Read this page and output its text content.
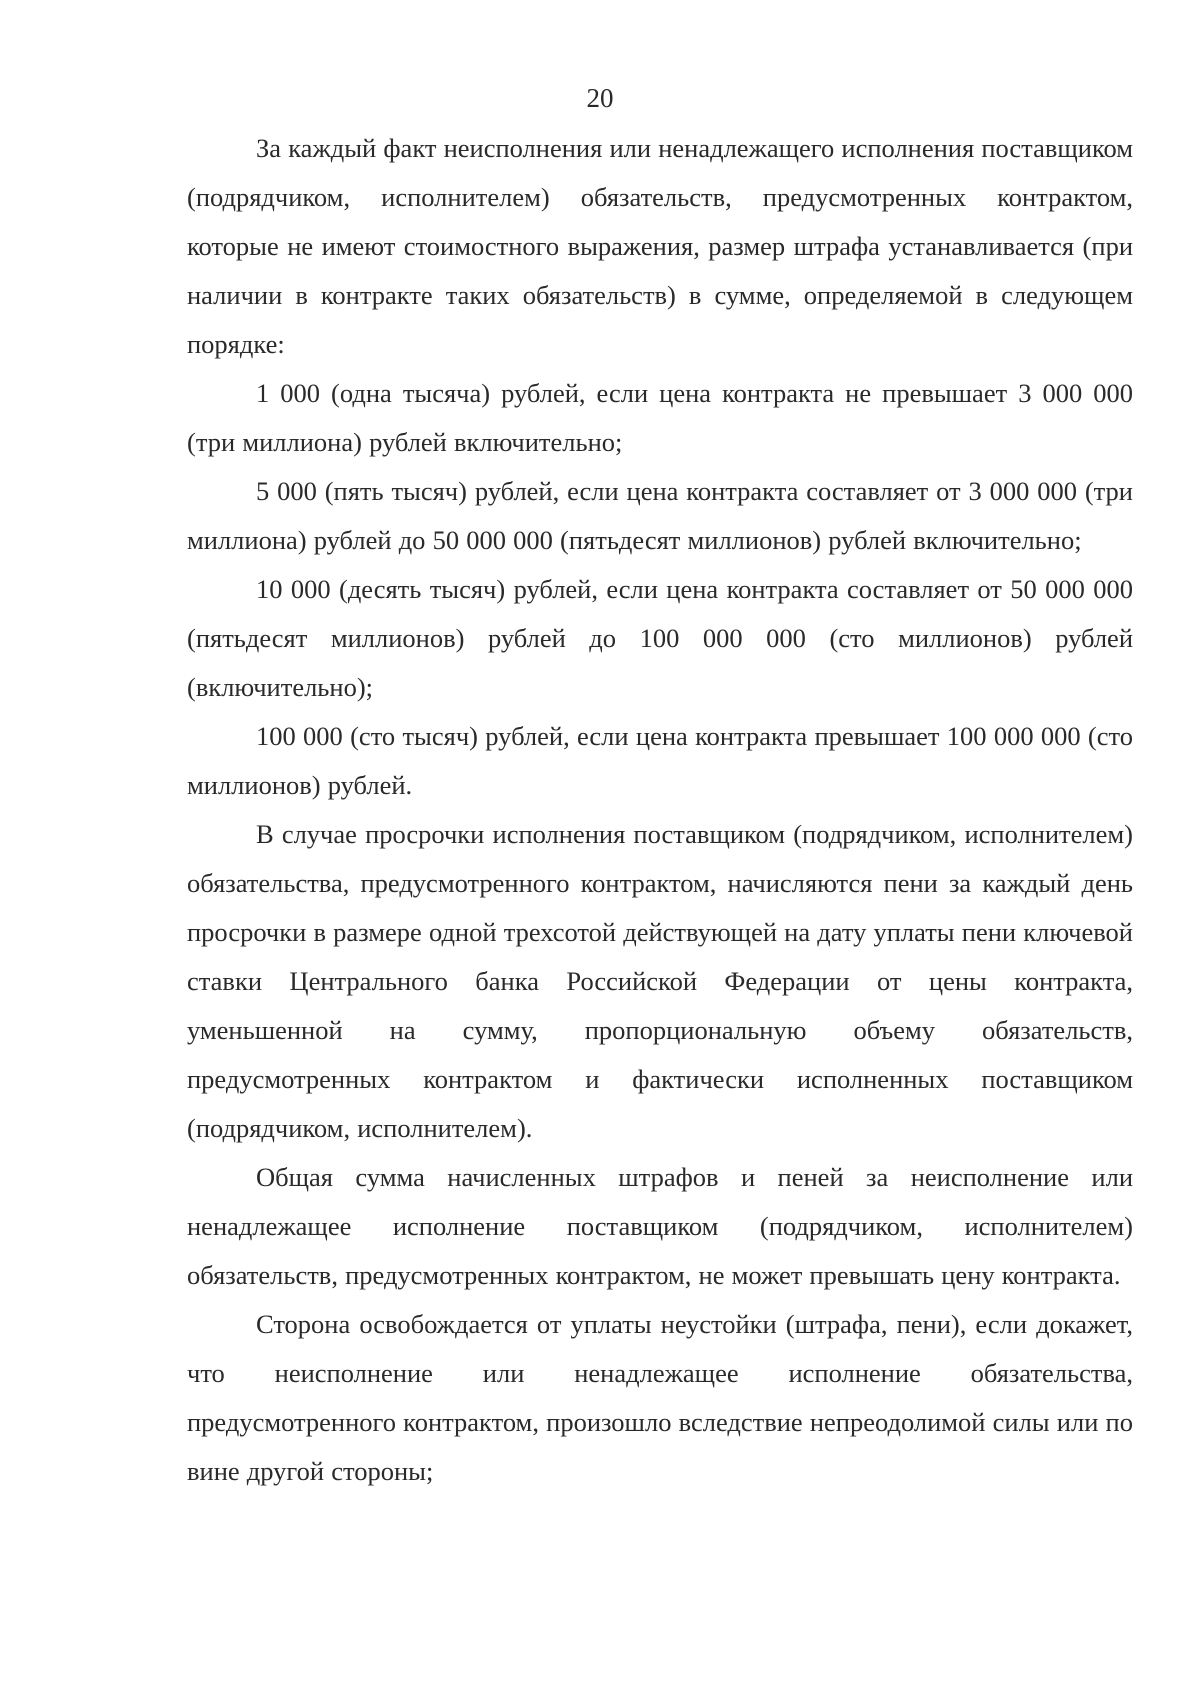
20

За каждый факт неисполнения или ненадлежащего исполнения поставщиком (подрядчиком, исполнителем) обязательств, предусмотренных контрактом, которые не имеют стоимостного выражения, размер штрафа устанавливается (при наличии в контракте таких обязательств) в сумме, определяемой в следующем порядке:

1 000 (одна тысяча) рублей, если цена контракта не превышает 3 000 000 (три миллиона) рублей включительно;

5 000 (пять тысяч) рублей, если цена контракта составляет от 3 000 000 (три миллиона) рублей до 50 000 000 (пятьдесят миллионов) рублей включительно;

10 000 (десять тысяч) рублей, если цена контракта составляет от 50 000 000 (пятьдесят миллионов) рублей до 100 000 000 (сто миллионов) рублей (включительно);

100 000 (сто тысяч) рублей, если цена контракта превышает 100 000 000 (сто миллионов) рублей.

В случае просрочки исполнения поставщиком (подрядчиком, исполнителем) обязательства, предусмотренного контрактом, начисляются пени за каждый день просрочки в размере одной трехсотой действующей на дату уплаты пени ключевой ставки Центрального банка Российской Федерации от цены контракта, уменьшенной на сумму, пропорциональную объему обязательств, предусмотренных контрактом и фактически исполненных поставщиком (подрядчиком, исполнителем).

Общая сумма начисленных штрафов и пеней за неисполнение или ненадлежащее исполнение поставщиком (подрядчиком, исполнителем) обязательств, предусмотренных контрактом, не может превышать цену контракта.

Сторона освобождается от уплаты неустойки (штрафа, пени), если докажет, что неисполнение или ненадлежащее исполнение обязательства, предусмотренного контрактом, произошло вследствие непреодолимой силы или по вине другой стороны;
